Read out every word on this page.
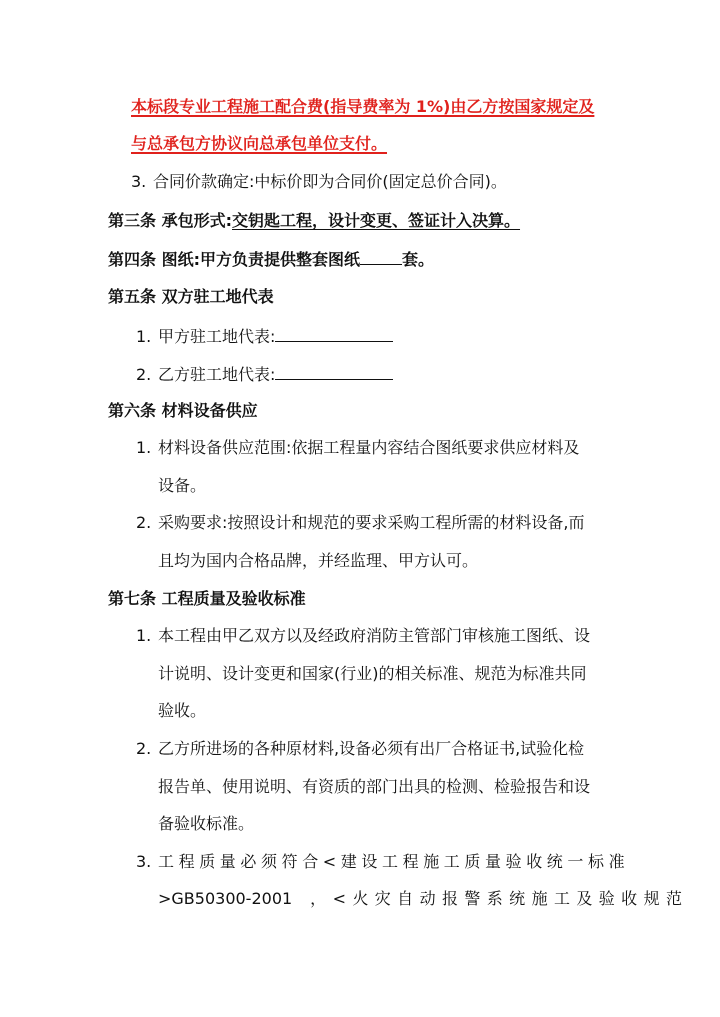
本标段专业工程施工配合费(指导费率为 1%)由乙方按国家规定及
与总承包方协议向总承包单位支付。
3. 合同价款确定:中标价即为合同价(固定总价合同)。
第三条 承包形式:交钥匙工程，设计变更、签证计入决算。
第四条 图纸:甲方负责提供整套图纸	套。
第五条 双方驻工地代表
1. 甲方驻工地代表:
2. 乙方驻工地代表:
第六条 材料设备供应
1. 材料设备供应范围:依据工程量内容结合图纸要求供应材料及
设备。
2. 采购要求:按照设计和规范的要求采购工程所需的材料设备,而
且均为国内合格品牌，并经监理、甲方认可。
第七条 工程质量及验收标准
1. 本工程由甲乙双方以及经政府消防主管部门审核施工图纸、设
计说明、设计变更和国家(行业)的相关标准、规范为标准共同
验收。
2. 乙方所进场的各种原材料,设备必须有出厂合格证书,试验化检
报告单、使用说明、有资质的部门出具的检测、检验报告和设
备验收标准。
3. 工程质量必须符合<建设工程施工质量验收统一标准
>GB50300-2001 ，<火灾自动报警系统施工及验收规范
